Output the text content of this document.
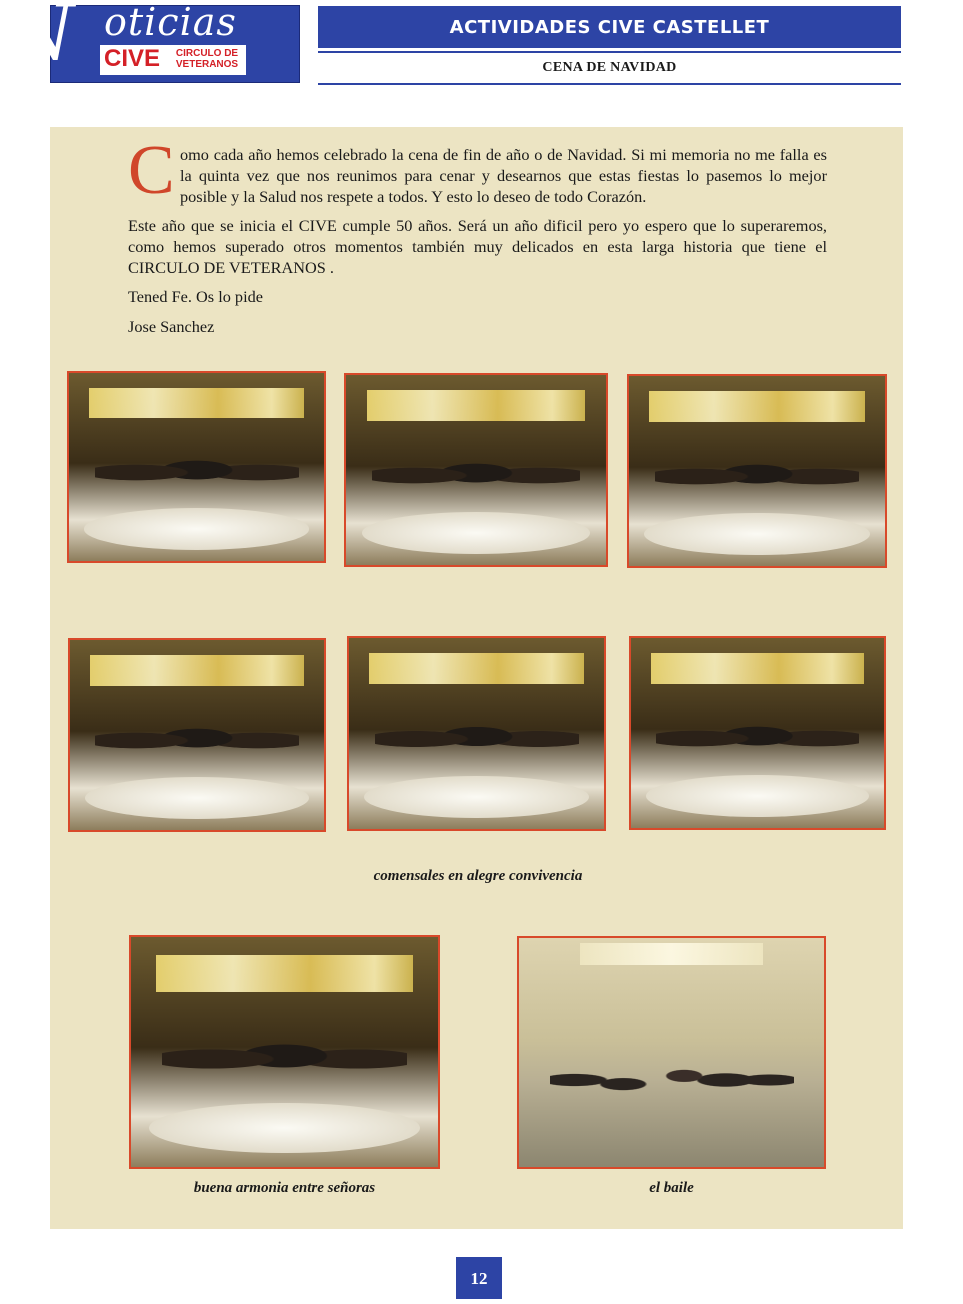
N oticias
CIVE	CIRCULO DE
VETERANOS
ACTIVIDADES CIVE CASTELLET
CENA DE NAVIDAD
C omo cada año hemos celebrado la cena de fin de año o de Navidad. Si mi memoria no me falla es la quinta vez que nos reunimos para cenar y desearnos que estas fiestas lo pasemos lo mejor posible y la Salud nos respete a todos. Y esto lo deseo de todo Corazón.
Este año que se inicia el CIVE cumple 50 años. Será un año dificil pero yo espero que lo superaremos, como hemos superado otros momentos también muy delicados en esta larga historia que tiene el CIRCULO DE VETERANOS .
Tened Fe. Os lo pide
Jose Sanchez
comensales en alegre convivencia
buena armonia entre señoras	el baile
12
